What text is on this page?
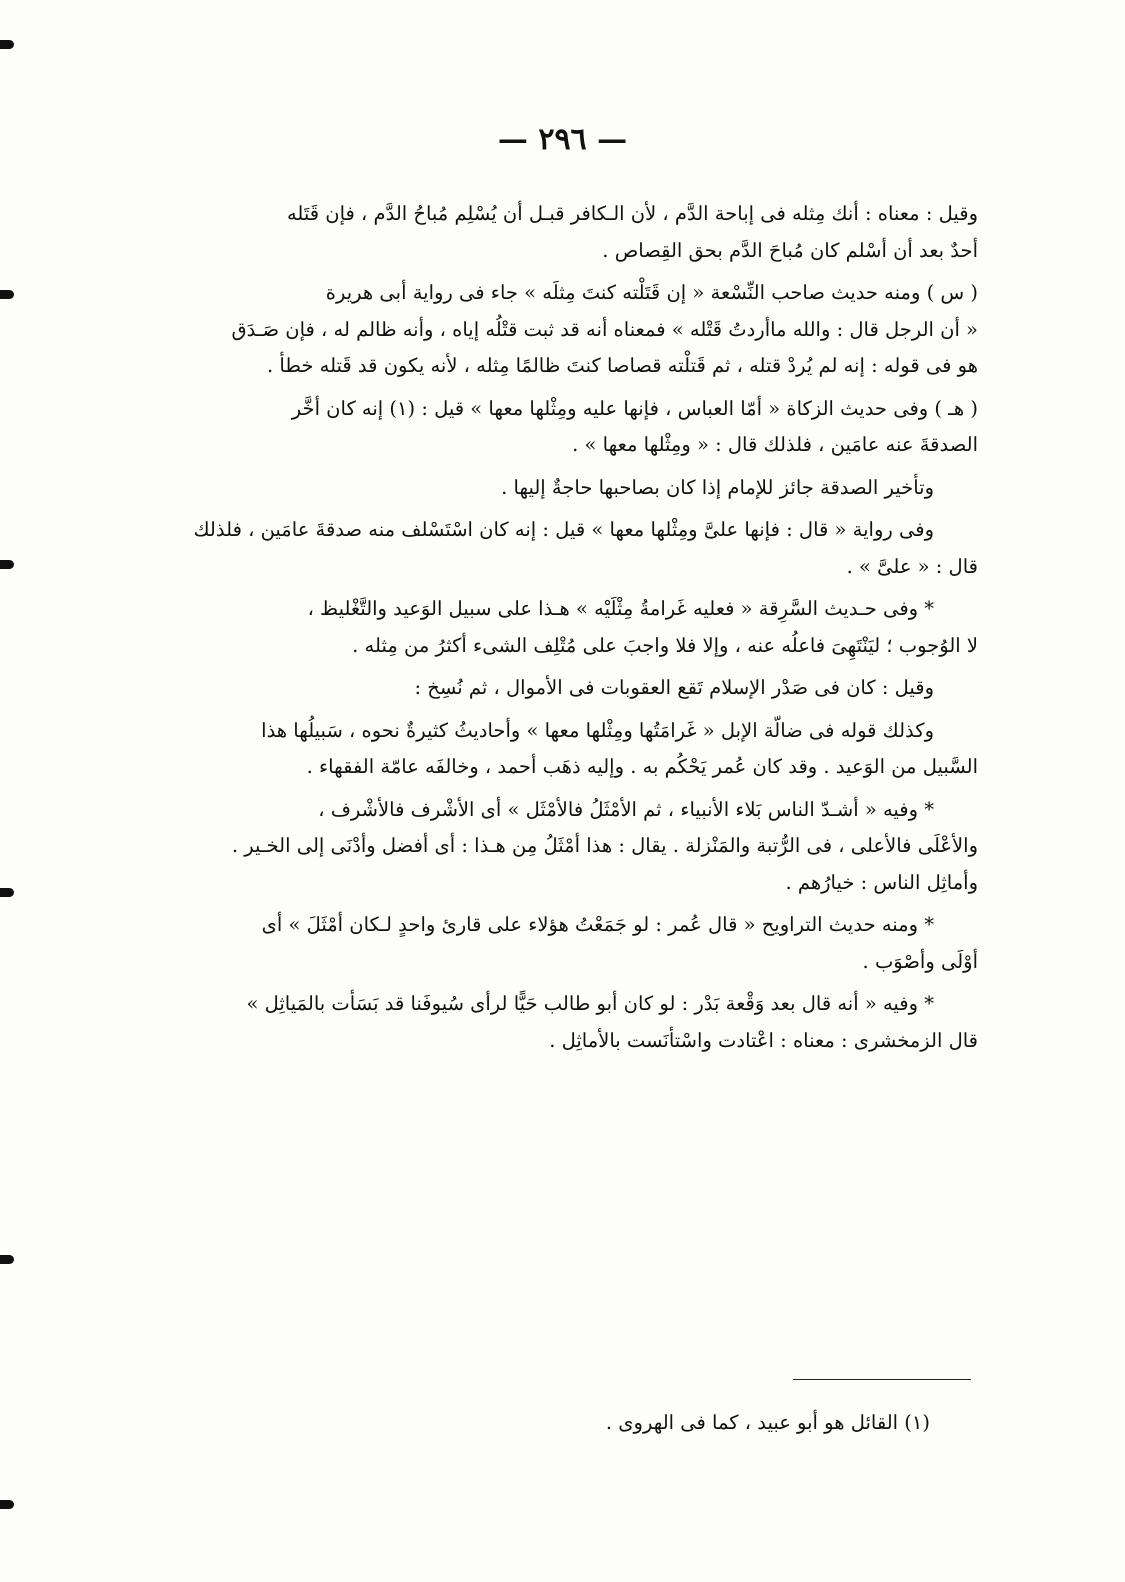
— ٢٩٦ —
وقيل : معناه : أنك مِثله فى إباحة الدَّم ، لأن الـكافر قبـل أن يُسْلِم مُباحُ الدَّم ، فإن قَتَله
أحدٌ بعد أن أسْلم كان مُباحَ الدَّم بحق القِصاص .
( س ) ومنه حديث صاحب النِّسْعة « إن قَتَلْته كنتَ مِثلَه » جاء فى رواية أبى هريرة
« أن الرجل قال : والله ماأردتُ قَتْله » فمعناه أنه قد ثبت قتْلُه إياه ، وأنه ظالم له ، فإن صَـدَق
هو فى قوله : إنه لم يُردْ قتله ، ثم قَتلْته قصاصا كنتَ ظالمًا مِثله ، لأنه يكون قد قَتله خطأ .
( هـ ) وفى حديث الزكاة « أمّا العباس ، فإنها عليه ومِثْلها معها » قيل : (١) إنه كان أخَّر
الصدقةَ عنه عامَين ، فلذلك قال : « ومِثْلها معها » .
وتأخير الصدقة جائز للإمام إذا كان بصاحبها حاجةٌ إليها .
وفى رواية « قال : فإنها علىَّ ومِثْلها معها » قيل : إنه كان اسْتَسْلف منه صدقةَ عامَين ، فلذلك
قال : « علىَّ » .
* وفى حـديث السَّرِقة « فعليه غَرامةُ مِثْلَيْه » هـذا على سبيل الوَعيد والتَّغْليظ ،
لا الوُجوب ؛ ليَنْتَهِىَ فاعلُه عنه ، وإلا فلا واجبَ على مُتْلِف الشىء أكثرُ من مِثله .
وقيل : كان فى صَدْر الإسلام تَقع العقوبات فى الأموال ، ثم نُسِخ :
وكذلك قوله فى ضالّة الإبل « غَرامَتُها ومِثْلها معها » وأحاديثُ كثيرةٌ نحوه ، سَبيلُها هذا
السَّبيل من الوَعيد . وقد كان عُمر يَحْكُم به . وإليه ذهَب أحمد ، وخالفَه عامّة الفقهاء .
* وفيه « أشـدّ الناس بَلاء الأنبياء ، ثم الأمْثَلُ فالأمْثَل » أى الأشْرف فالأشْرف ،
والأعْلَى فالأعلى ، فى الرُّتبة والمَنْزلة . يقال : هذا أمْثَلُ مِن هـذا : أى أفضل وأدْنَى إلى الخـير .
وأماثِل الناس : خيارُهم .
* ومنه حديث التراويح « قال عُمر : لو جَمَعْتُ هؤلاء على قارئ واحدٍ لـكان أمْثَلَ » أى
أوْلَى وأصْوَب .
* وفيه « أنه قال بعد وَقْعة بَدْر : لو كان أبو طالب حَيًّا لرأى سُيوفَنا قد بَسَأت بالمَياثِل »
قال الزمخشرى : معناه : اعْتادت واسْتأنَست بالأماثِل .
(١) القائل هو أبو عبيد ، كما فى الهروى .
